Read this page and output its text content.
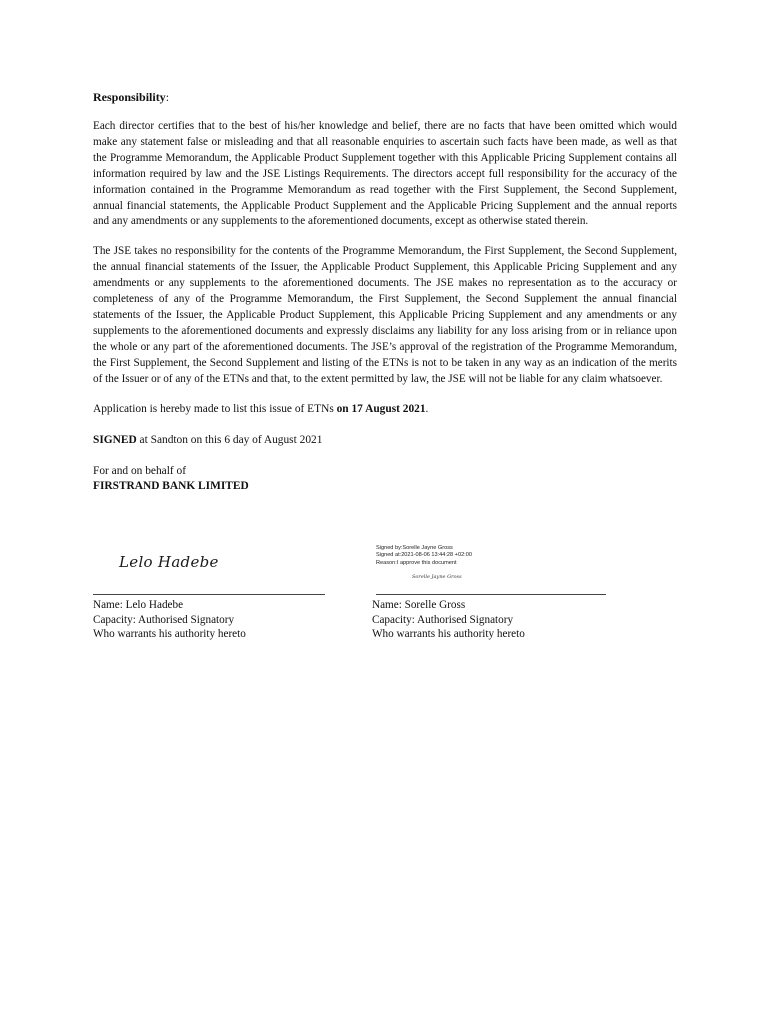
Responsibility:

Each director certifies that to the best of his/her knowledge and belief, there are no facts that have been omitted which would make any statement false or misleading and that all reasonable enquiries to ascertain such facts have been made, as well as that the Programme Memorandum, the Applicable Product Supplement together with this Applicable Pricing Supplement contains all information required by law and the JSE Listings Requirements. The directors accept full responsibility for the accuracy of the information contained in the Programme Memorandum as read together with the First Supplement, the Second Supplement, annual financial statements, the Applicable Product Supplement and the Applicable Pricing Supplement and the annual reports and any amendments or any supplements to the aforementioned documents, except as otherwise stated therein.

The JSE takes no responsibility for the contents of the Programme Memorandum, the First Supplement, the Second Supplement, the annual financial statements of the Issuer, the Applicable Product Supplement, this Applicable Pricing Supplement and any amendments or any supplements to the aforementioned documents. The JSE makes no representation as to the accuracy or completeness of any of the Programme Memorandum, the First Supplement, the Second Supplement the annual financial statements of the Issuer, the Applicable Product Supplement, this Applicable Pricing Supplement and any amendments or any supplements to the aforementioned documents and expressly disclaims any liability for any loss arising from or in reliance upon the whole or any part of the aforementioned documents. The JSE’s approval of the registration of the Programme Memorandum, the First Supplement, the Second Supplement and listing of the ETNs is not to be taken in any way as an indication of the merits of the Issuer or of any of the ETNs and that, to the extent permitted by law, the JSE will not be liable for any claim whatsoever.

Application is hereby made to list this issue of ETNs on 17 August 2021.

SIGNED at Sandton on this 6 day of August 2021

For and on behalf of
FIRSTRAND BANK LIMITED
Lelo Hadebe
Name: Lelo Hadebe
Capacity: Authorised Signatory
Who warrants his authority hereto
Signed by:Sorelle Jayne Gross
Signed at:2021-08-06 13:44:28 +02:00
Reason:I approve this document
Sorelle Jayne Gross
Name: Sorelle Gross
Capacity: Authorised Signatory
Who warrants his authority hereto
